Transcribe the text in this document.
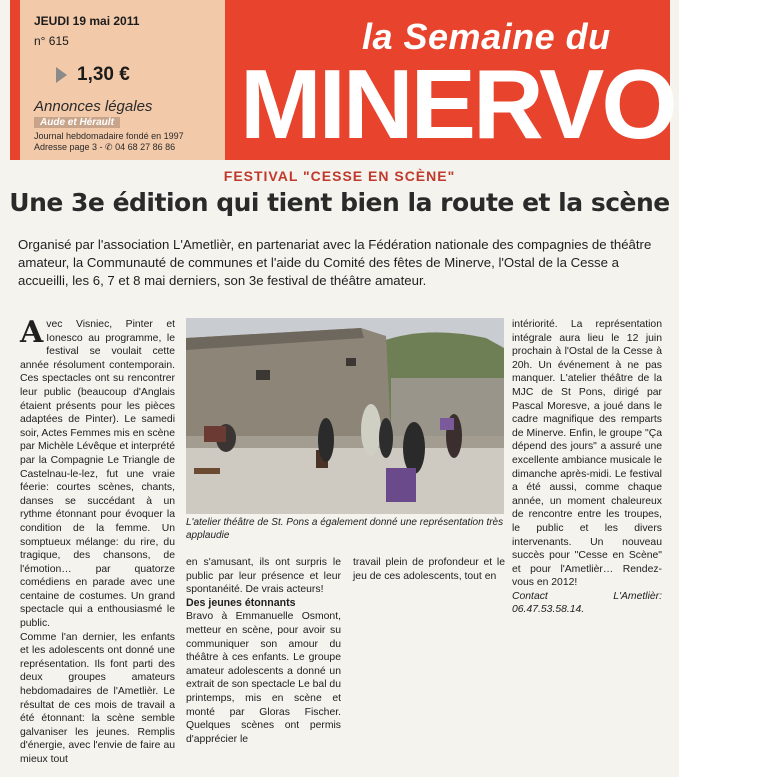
JEUDI 19 mai 2011
n° 615
1,30 €
Annonces légales
Aude et Hérault
Journal hebdomadaire fondé en 1997
Adresse page 3 - ✆ 04 68 27 86 86
la Semaine du
MINERVOIS
FESTIVAL "CESSE EN SCÈNE"
Une 3e édition qui tient bien la route et la scène
Organisé par l'association L'Ametlièr, en partenariat avec la Fédération nationale des compagnies de théâtre amateur, la Communauté de communes et l'aide du Comité des fêtes de Minerve, l'Ostal de la Cesse a accueilli, les 6, 7 et 8 mai derniers, son 3e festival de théâtre amateur.

Avec Visniec, Pinter et Ionesco au programme, le festival se voulait cette année résolument contemporain. Ces spectacles ont su rencontrer leur public (beaucoup d'Anglais étaient présents pour les pièces adaptées de Pinter). Le samedi soir, Actes Femmes mis en scène par Michèle Lévêque et interprété par la Compagnie Le Triangle de Castelnau-le-lez, fut une vraie féerie: courtes scènes, chants, danses se succédant à un rythme étonnant pour évoquer la condition de la femme. Un somptueux mélange: du rire, du tragique, des chansons, de l'émotion… par quatorze comédiens en parade avec une centaine de costumes. Un grand spectacle qui a enthousiasmé le public.

Comme l'an dernier, les enfants et les adolescents ont donné une représentation. Ils font parti des deux groupes amateurs hebdomadaires de l'Ametlièr. Le résultat de ces mois de travail a été étonnant: la scène semble galvaniser les jeunes. Remplis d'énergie, avec l'envie de faire au mieux tout

L'atelier théâtre de St. Pons a également donné une représentation très applaudie

en s'amusant, ils ont surpris le public par leur présence et leur spontanéité. De vrais acteurs!

Des jeunes étonnants

Bravo à Emmanuelle Osmont, metteur en scène, pour avoir su communiquer son amour du théâtre à ces enfants. Le groupe amateur adolescents a donné un extrait de son spectacle Le bal du printemps, mis en scène et monté par Gloras Fischer. Quelques scènes ont permis d'apprécier le

travail plein de profondeur et le jeu de ces adolescents, tout en

intériorité. La représentation intégrale aura lieu le 12 juin prochain à l'Ostal de la Cesse à 20h. Un événement à ne pas manquer. L'atelier théâtre de la MJC de St Pons, dirigé par Pascal Moresve, a joué dans le cadre magnifique des remparts de Minerve. Enfin, le groupe "Ça dépend des jours" a assuré une excellente ambiance musicale le dimanche après-midi. Le festival a été aussi, comme chaque année, un moment chaleureux de rencontre entre les troupes, le public et les divers intervenants. Un nouveau succès pour "Cesse en Scène" et pour l'Ametlièr… Rendez-vous en 2012!

Contact L'Ametlièr: 06.47.53.58.14.
